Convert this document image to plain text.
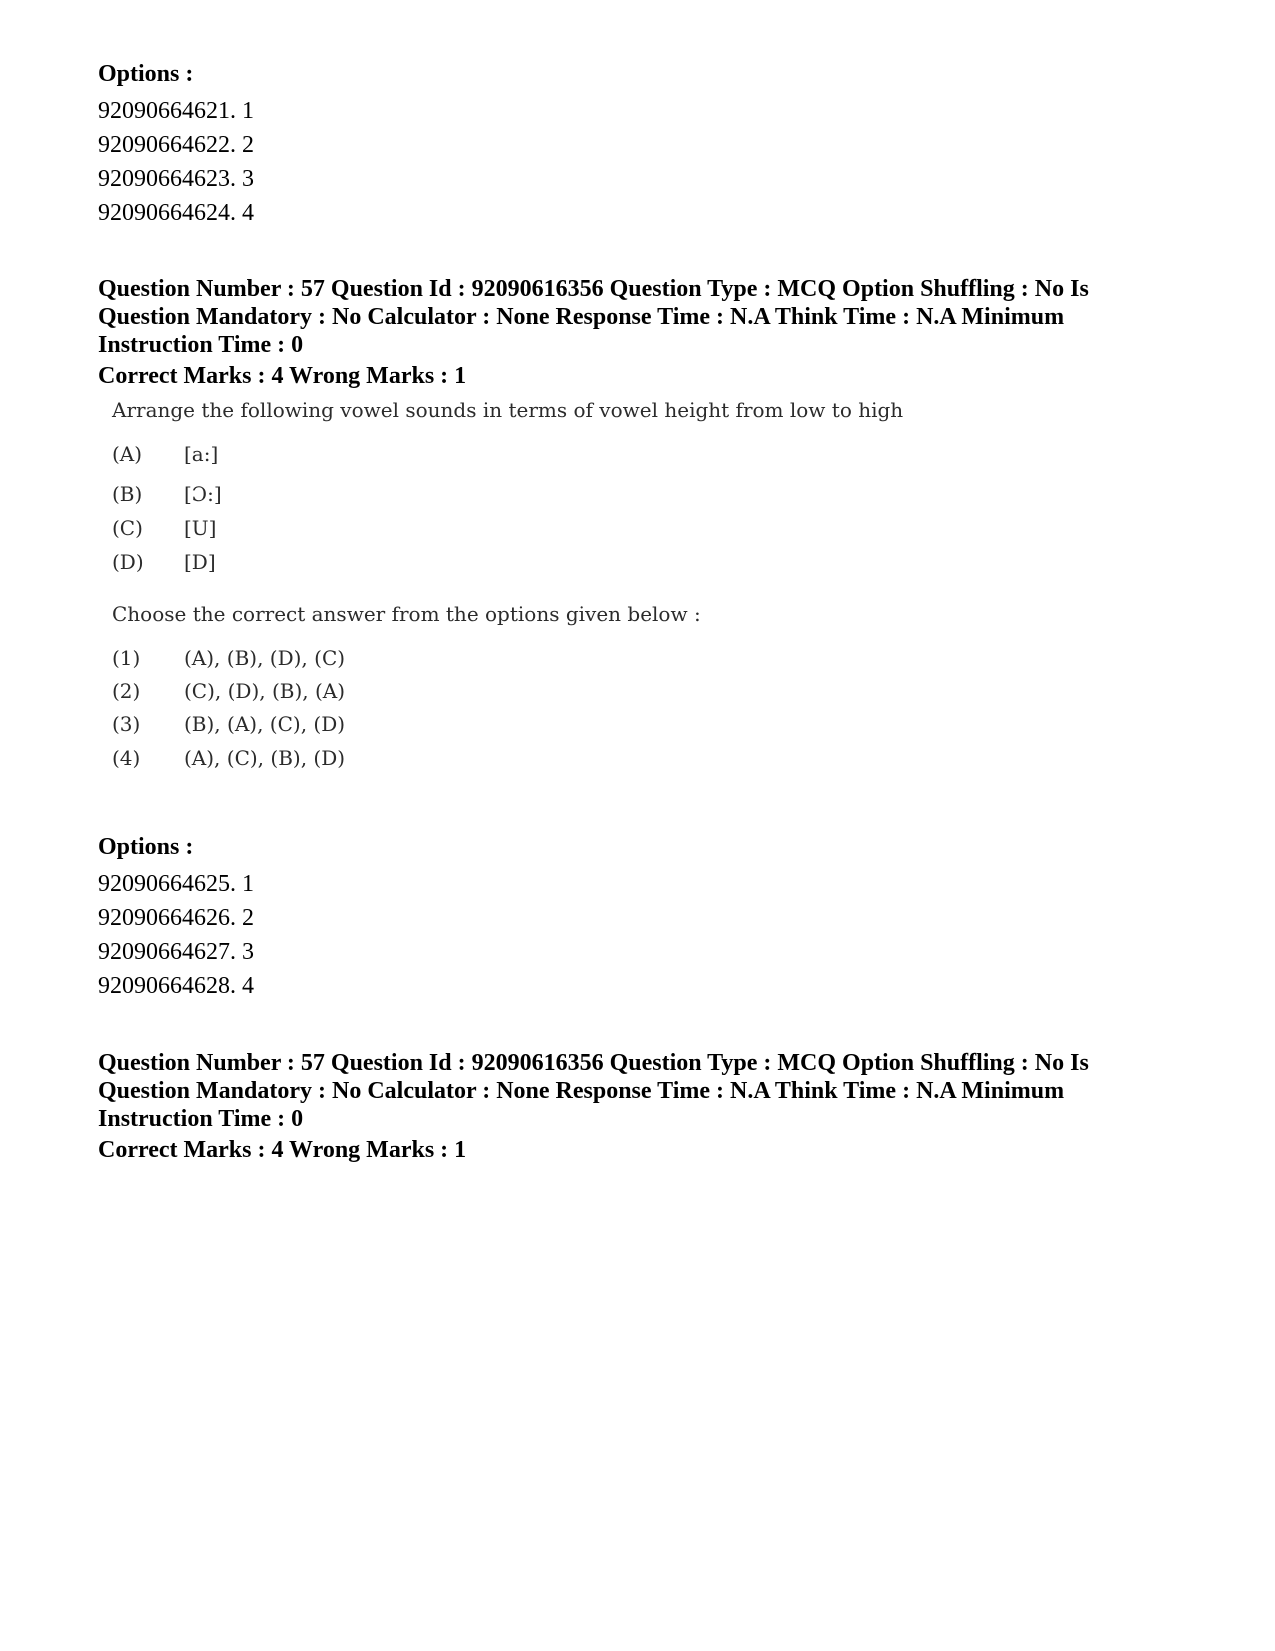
Options :
92090664621. 1
92090664622. 2
92090664623. 3
92090664624. 4
Question Number : 57 Question Id : 92090616356 Question Type : MCQ Option Shuffling : No Is Question Mandatory : No Calculator : None Response Time : N.A Think Time : N.A Minimum Instruction Time : 0
Correct Marks : 4 Wrong Marks : 1
Arrange the following vowel sounds in terms of vowel height from low to high
(A) [a:]
(B) [Ɔ:]
(C) [U]
(D) [D]
Choose the correct answer from the options given below :
(1) (A), (B), (D), (C)
(2) (C), (D), (B), (A)
(3) (B), (A), (C), (D)
(4) (A), (C), (B), (D)
Options :
92090664625. 1
92090664626. 2
92090664627. 3
92090664628. 4
Question Number : 57 Question Id : 92090616356 Question Type : MCQ Option Shuffling : No Is Question Mandatory : No Calculator : None Response Time : N.A Think Time : N.A Minimum Instruction Time : 0
Correct Marks : 4 Wrong Marks : 1
